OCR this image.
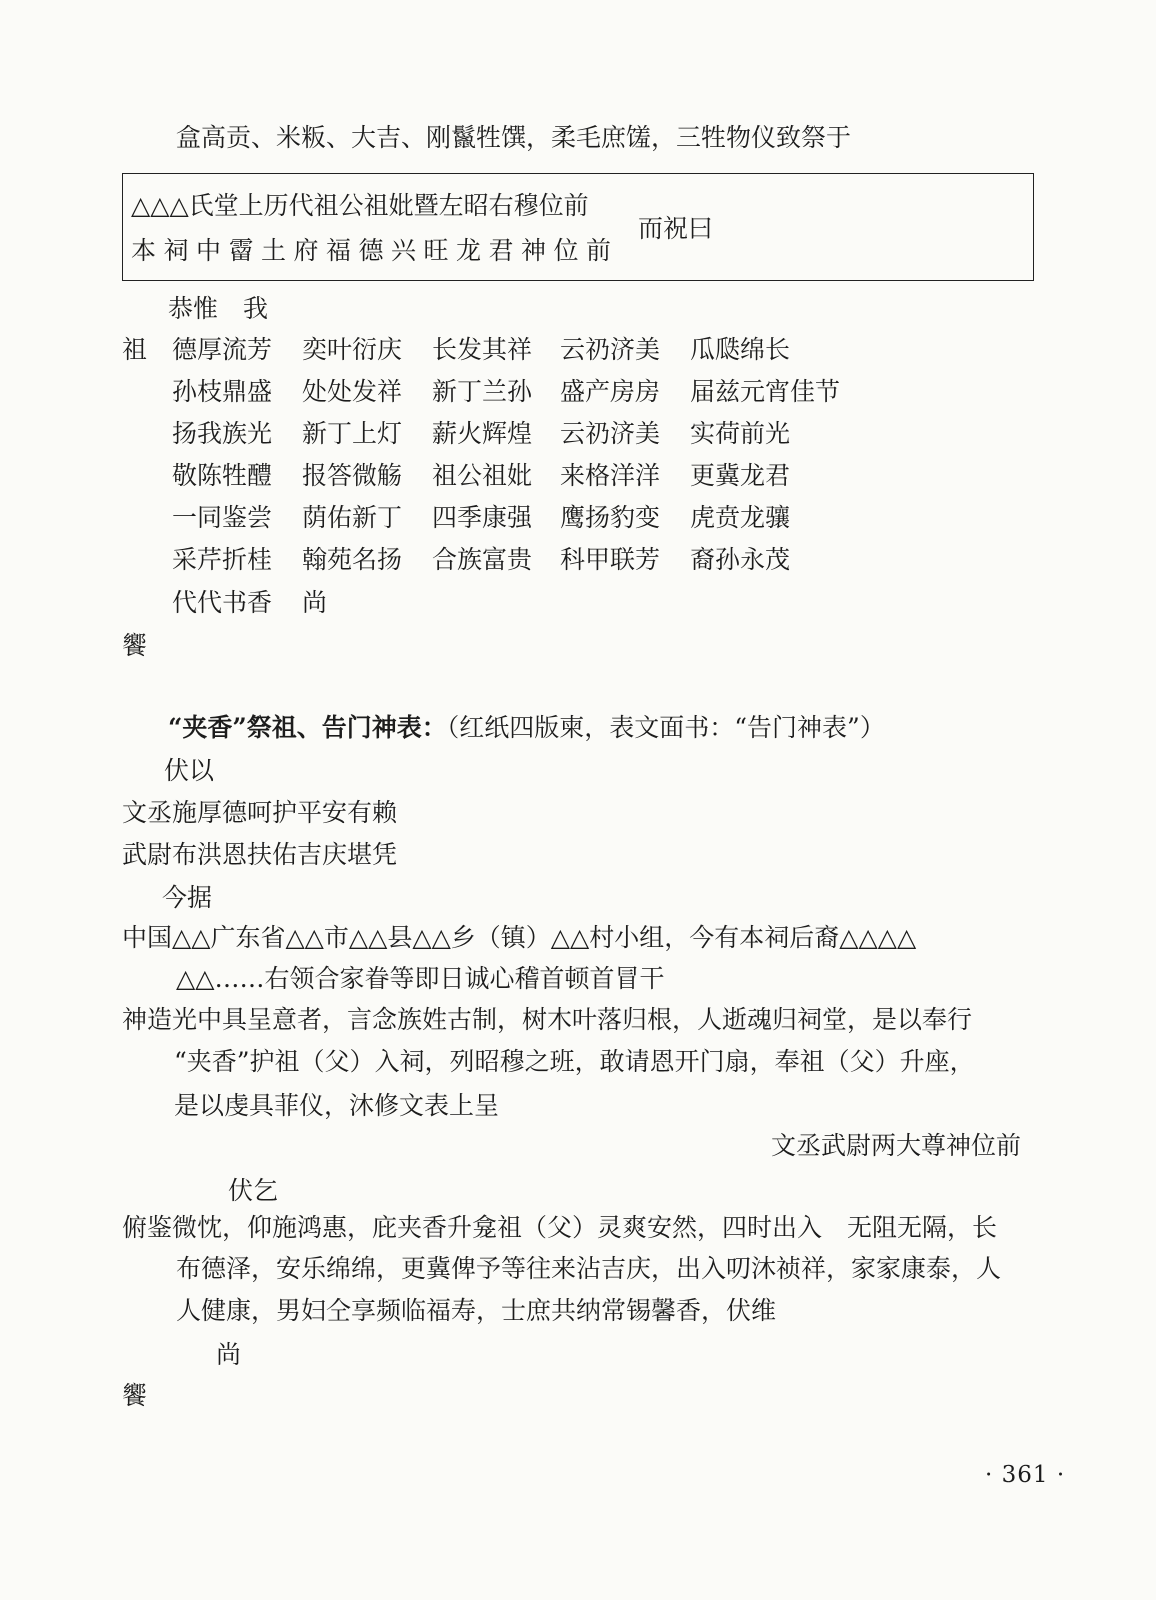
盒高贡、米粄、大吉、刚鬣牲馔，柔毛庶馐，三牲物仪致祭于
△△△氏堂上历代祖公祖妣暨左昭右穆位前
本祠中霤土府福德兴旺龙君神位前
而祝曰
恭惟　我
祖 德厚流芳 奕叶衍庆 长发其祥 云礽济美 瓜瓞绵长
孙枝鼎盛 处处发祥 新丁兰孙 盛产房房 届兹元宵佳节
扬我族光 新丁上灯 薪火辉煌 云礽济美 实荷前光
敬陈牲醴 报答微觞 祖公祖妣 来格洋洋 更冀龙君
一同鉴尝 荫佑新丁 四季康强 鹰扬豹变 虎贲龙骧
采芹折桂 翰苑名扬 合族富贵 科甲联芳 裔孙永茂
代代书香 尚
饗
“夹香”祭祖、告门神表：（红纸四版柬，表文面书：“告门神表”）
伏以
文丞施厚德呵护平安有赖
武尉布洪恩扶佑吉庆堪凭
今据
中国△△广东省△△市△△县△△乡（镇）△△村小组，今有本祠后裔△△△△
△△……右领合家眷等即日诚心稽首顿首冒干
神造光中具呈意者，言念族姓古制，树木叶落归根，人逝魂归祠堂，是以奉行
“夹香”护祖（父）入祠，列昭穆之班，敢请恩开门扇，奉祖（父）升座，
是以虔具菲仪，沐修文表上呈
文丞武尉两大尊神位前
伏乞
俯鉴微忱，仰施鸿惠，庇夹香升龛祖（父）灵爽安然，四时出入　无阻无隔，长
布德泽，安乐绵绵，更冀俾予等往来沾吉庆，出入叨沐祯祥，家家康泰，人
人健康，男妇仝享频临福寿，士庶共纳常锡馨香，伏维
尚
饗
· 361 ·
